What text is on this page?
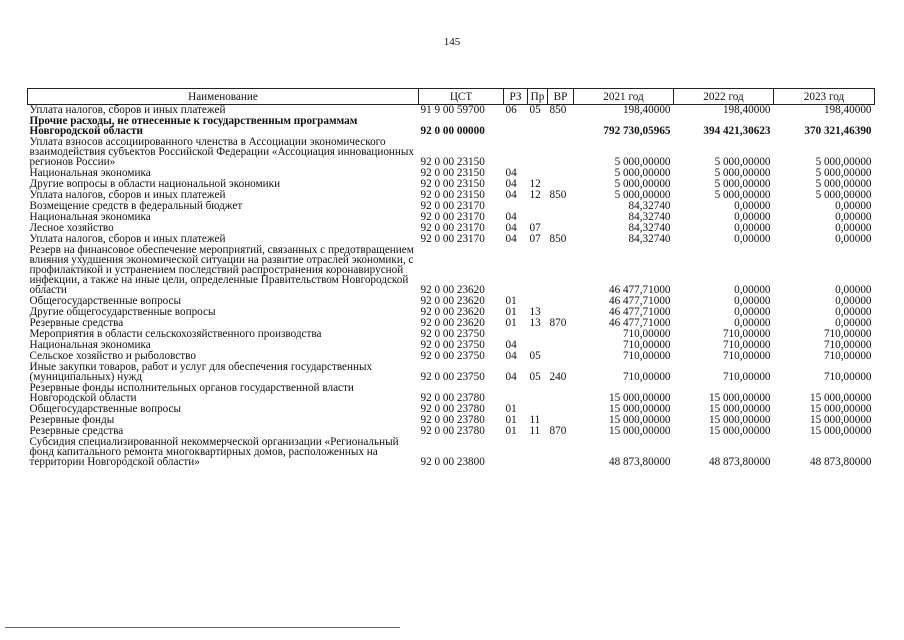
145
Наименование	ЦСТ	РЗ	Пр	ВР	2021 год	2022 год	2023 год
Уплата налогов, сборов и иных платежей	91 9 00 59700	06	05	850	198,40000	198,40000	198,40000
Прочие расходы, не отнесенные к государственным программам Новгородской области	92 0 00 00000				792 730,05965	394 421,30623	370 321,46390
Уплата взносов ассоциированного членства в Ассоциации экономического взаимодействия субъектов Российской Федерации «Ассоциация инновационных регионов России»	92 0 00 23150				5 000,00000	5 000,00000	5 000,00000
Национальная экономика	92 0 00 23150	04			5 000,00000	5 000,00000	5 000,00000
Другие вопросы в области национальной экономики	92 0 00 23150	04	12		5 000,00000	5 000,00000	5 000,00000
Уплата налогов, сборов и иных платежей	92 0 00 23150	04	12	850	5 000,00000	5 000,00000	5 000,00000
Возмещение средств в федеральный бюджет	92 0 00 23170				84,32740	0,00000	0,00000
Национальная экономика	92 0 00 23170	04			84,32740	0,00000	0,00000
Лесное хозяйство	92 0 00 23170	04	07		84,32740	0,00000	0,00000
Уплата налогов, сборов и иных платежей	92 0 00 23170	04	07	850	84,32740	0,00000	0,00000
Резерв на финансовое обеспечение мероприятий, связанных с предотвращением влияния ухудшения экономической ситуации на развитие отраслей экономики, с профилактикой и устранением последствий распространения коронавирусной инфекции, а также на иные цели, определенные Правительством Новгородской области	92 0 00 23620				46 477,71000	0,00000	0,00000
Общегосударственные вопросы	92 0 00 23620	01			46 477,71000	0,00000	0,00000
Другие общегосударственные вопросы	92 0 00 23620	01	13		46 477,71000	0,00000	0,00000
Резервные средства	92 0 00 23620	01	13	870	46 477,71000	0,00000	0,00000
Мероприятия в области сельскохозяйственного производства	92 0 00 23750				710,00000	710,00000	710,00000
Национальная экономика	92 0 00 23750	04			710,00000	710,00000	710,00000
Сельское хозяйство и рыболовство	92 0 00 23750	04	05		710,00000	710,00000	710,00000
Иные закупки товаров, работ и услуг для обеспечения государственных (муниципальных) нужд	92 0 00 23750	04	05	240	710,00000	710,00000	710,00000
Резервные фонды исполнительных органов государственной власти Новгородской области	92 0 00 23780				15 000,00000	15 000,00000	15 000,00000
Общегосударственные вопросы	92 0 00 23780	01			15 000,00000	15 000,00000	15 000,00000
Резервные фонды	92 0 00 23780	01	11		15 000,00000	15 000,00000	15 000,00000
Резервные средства	92 0 00 23780	01	11	870	15 000,00000	15 000,00000	15 000,00000
Субсидия специализированной некоммерческой организации «Региональный фонд капитального ремонта многоквартирных домов, расположенных на территории Новгородской области»	92 0 00 23800				48 873,80000	48 873,80000	48 873,80000
